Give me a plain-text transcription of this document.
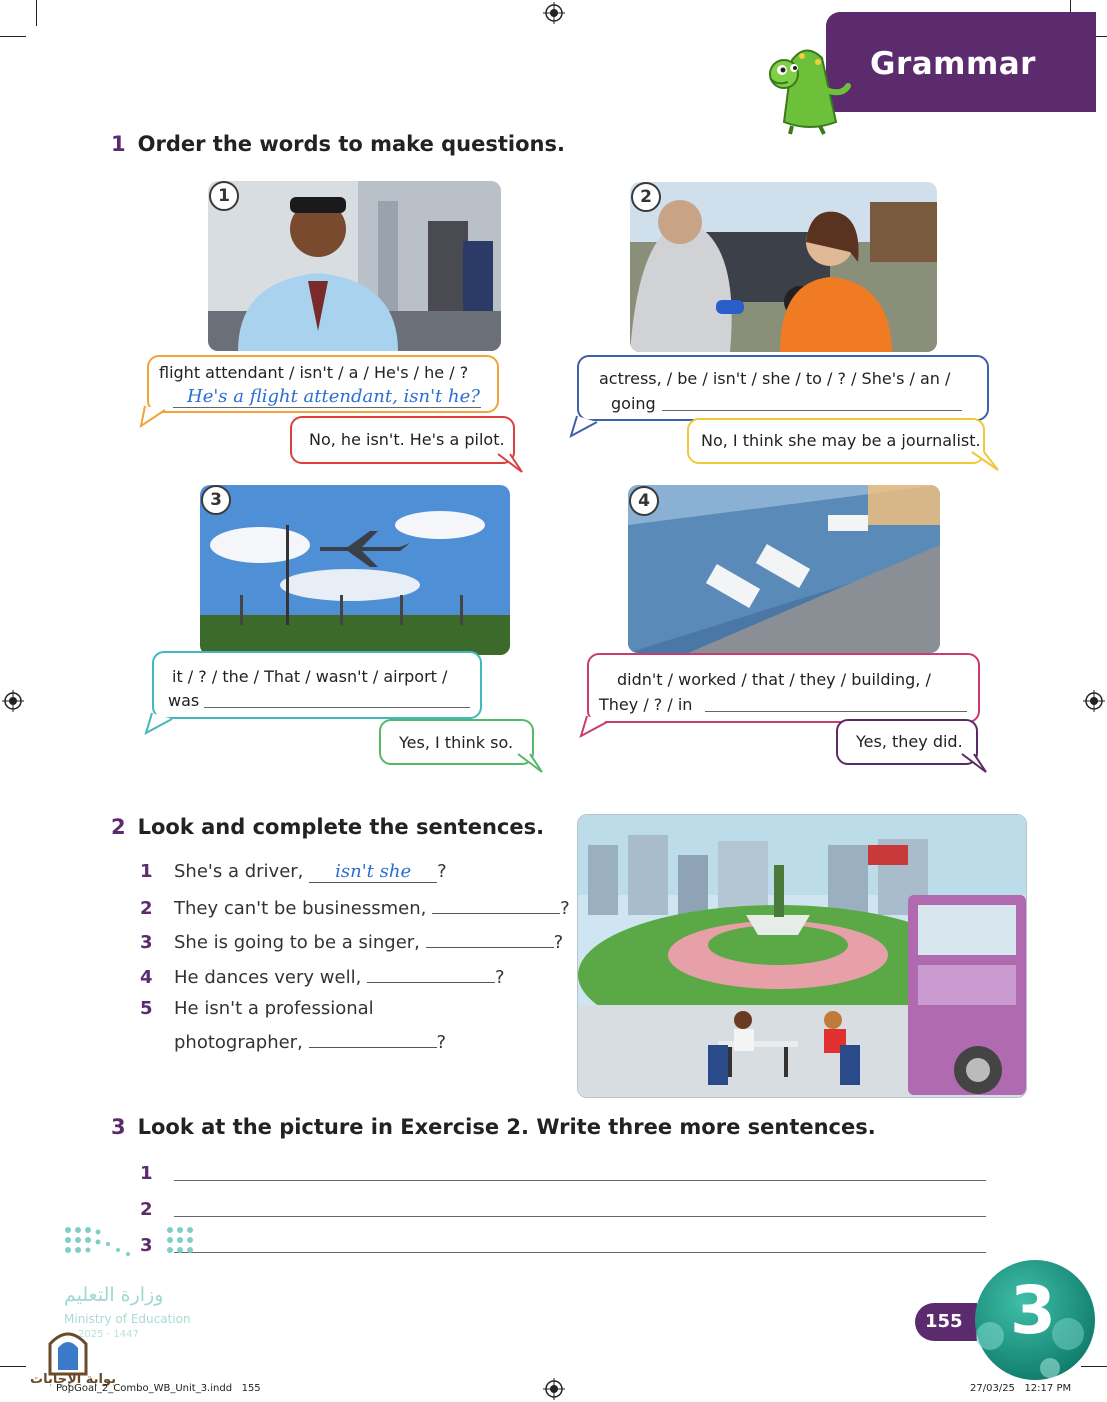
Grammar
1 Order the words to make questions.
1
flight attendant / isn't / a / He's / he / ?
He's a flight attendant, isn't he?
No, he isn't. He's a pilot.
2
actress, / be / isn't / she / to / ? / She's / an /
going
No, I think she may be a journalist.
3
it / ? / the / That / wasn't / airport /
was
Yes, I think so.
4
didn't / worked / that / they / building, /
They / ? / in
Yes, they did.
2 Look and complete the sentences.
1 She's a driver, isn't she ?
2 They can't be businessmen,	?
3 She is going to be a singer,	?
4 He dances very well,	?
5 He isn't a professional
photographer,	?
3 Look at the picture in Exercise 2. Write three more sentences.
1
2
3
وزارة التعليم
Ministry of Education
2025 - 1447
بوابة الإجابات
PopGoal_2_Combo_WB_Unit_3.indd   155	27/03/25   12:17 PM
155 3
